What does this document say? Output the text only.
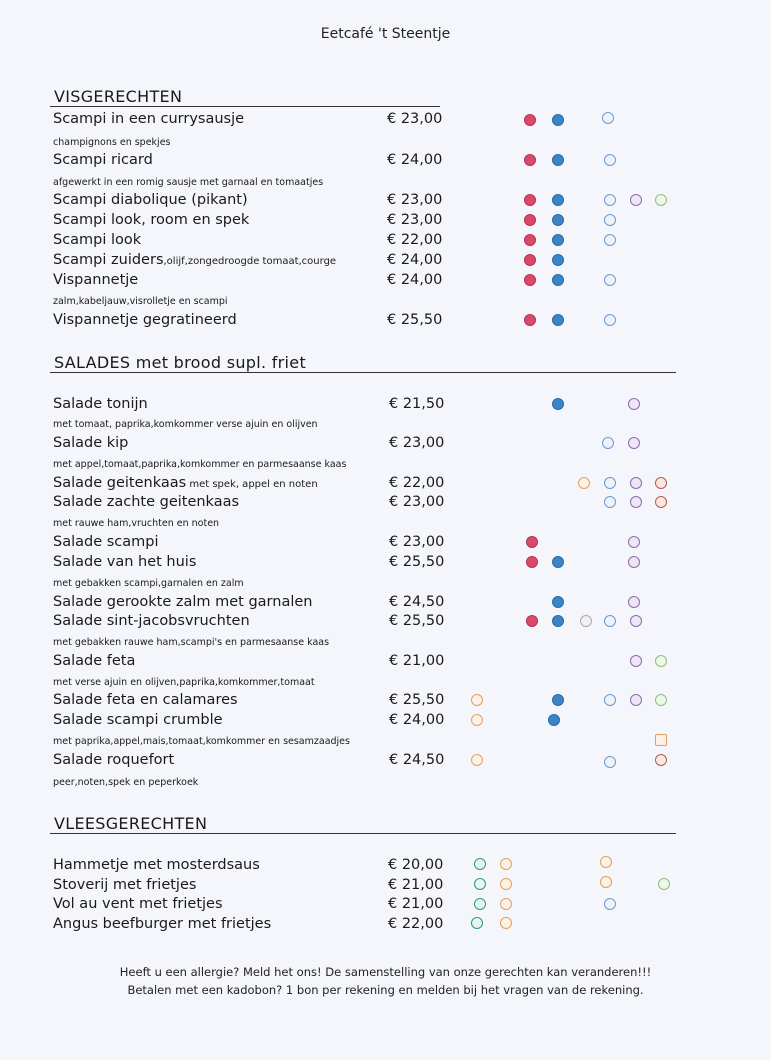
Eetcafé 't Steentje
VISGERECHTEN
Scampi in een currysausje	€ 23,00
champignons en spekjes
Scampi ricard	€ 24,00
afgewerkt in een romig sausje met garnaal en tomaatjes
Scampi diabolique (pikant)	€ 23,00
Scampi look, room en spek	€ 23,00
Scampi look	€ 22,00
Scampi zuiders,olijf,zongedroogde tomaat,courge	€ 24,00
Vispannetje	€ 24,00
zalm,kabeljauw,visrolletje en scampi
Vispannetje gegratineerd	€ 25,50
SALADES met brood supl. friet
Salade tonijn	€ 21,50
met tomaat, paprika,komkommer verse ajuin en olijven
Salade kip	€ 23,00
met appel,tomaat,paprika,komkommer en parmesaanse kaas
Salade geitenkaas met spek, appel en noten	€ 22,00
Salade zachte geitenkaas	€ 23,00
met rauwe ham,vruchten en noten
Salade scampi	€ 23,00
Salade van het huis	€ 25,50
met gebakken scampi,garnalen en zalm
Salade gerookte zalm met garnalen	€ 24,50
Salade sint-jacobsvruchten	€ 25,50
met gebakken rauwe ham,scampi's en parmesaanse kaas
Salade feta	€ 21,00
met verse ajuin en olijven,paprika,komkommer,tomaat
Salade feta en calamares	€ 25,50
Salade scampi crumble	€ 24,00
met paprika,appel,mais,tomaat,komkommer en sesamzaadjes
Salade roquefort	€ 24,50
peer,noten,spek en peperkoek
VLEESGERECHTEN
Hammetje met mosterdsaus	€ 20,00
Stoverij met frietjes	€ 21,00
Vol au vent met frietjes	€ 21,00
Angus beefburger met frietjes	€ 22,00
Heeft u een allergie? Meld het ons! De samenstelling van onze gerechten kan veranderen!!!
Betalen met een kadobon? 1 bon per rekening en melden bij het vragen van de rekening.
